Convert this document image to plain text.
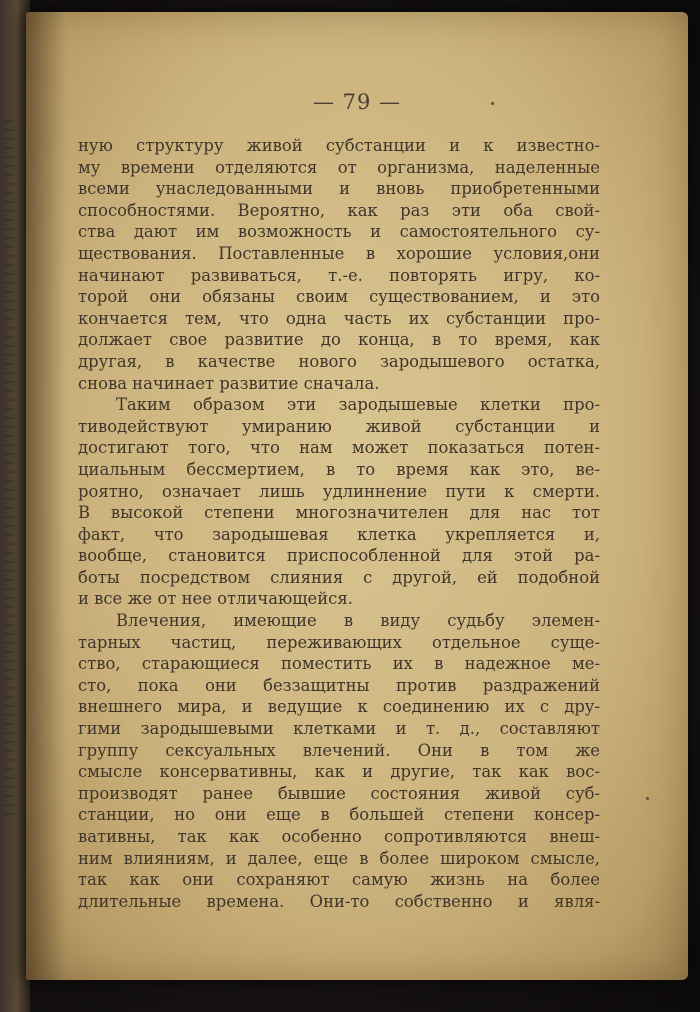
— 79 —
ную структуру живой субстанции и к известно-
му времени отделяются от организма, наделенные
всеми унаследованными и вновь приобретенными
способностями. Вероятно, как раз эти оба свой-
ства дают им возможность и самостоятельного су-
ществования. Поставленные в хорошие условия,они
начинают развиваться, т.-е. повторять игру, ко-
торой они обязаны своим существованием, и это
кончается тем, что одна часть их субстанции про-
должает свое развитие до конца, в то время, как
другая, в качестве нового зародышевого остатка,
снова начинает развитие сначала.
Таким образом эти зародышевые клетки про-
тиводействуют умиранию живой субстанции и
достигают того, что нам может показаться потен-
циальным бессмертием, в то время как это, ве-
роятно, означает лишь удлиннение пути к смерти.
В высокой степени многозначителен для нас тот
факт, что зародышевая клетка укрепляется и,
вообще, становится приспособленной для этой ра-
боты посредством слияния с другой, ей подобной
и все же от нее отличающейся.
Влечения, имеющие в виду судьбу элемен-
тарных частиц, переживающих отдельное суще-
ство, старающиеся поместить их в надежное ме-
сто, пока они беззащитны против раздражений
внешнего мира, и ведущие к соединению их с дру-
гими зародышевыми клетками и т. д., составляют
группу сексуальных влечений. Они в том же
смысле консервативны, как и другие, так как вос-
производят ранее бывшие состояния живой суб-
станции, но они еще в большей степени консер-
вативны, так как особенно сопротивляются внеш-
ним влияниям, и далее, еще в более широком смысле,
так как они сохраняют самую жизнь на более
длительные времена. Они-то собственно и явля-
